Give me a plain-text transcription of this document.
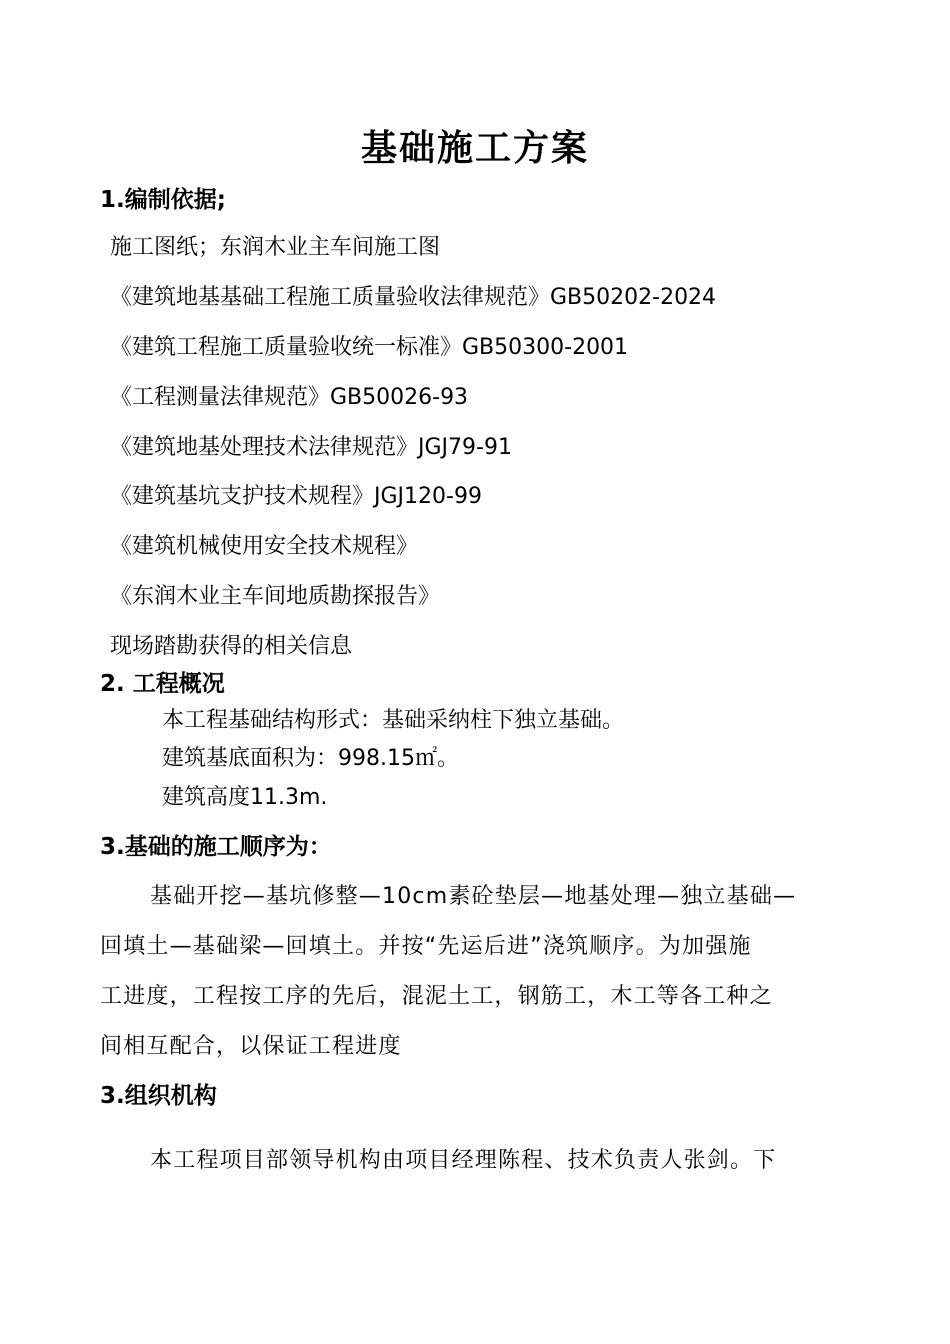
基础施工方案
1.编制依据;
施工图纸；东润木业主车间施工图
《建筑地基基础工程施工质量验收法律规范》GB50202-2024
《建筑工程施工质量验收统一标准》GB50300-2001
《工程测量法律规范》GB50026-93
《建筑地基处理技术法律规范》JGJ79-91
《建筑基坑支护技术规程》JGJ120-99
《建筑机械使用安全技术规程》
《东润木业主车间地质勘探报告》
现场踏勘获得的相关信息
2. 工程概况
本工程基础结构形式：基础采纳柱下独立基础。
建筑基底面积为：998.15㎡。
建筑高度11.3m.
3.基础的施工顺序为：
基础开挖—基坑修整—10cm素砼垫层—地基处理—独立基础—
回填土—基础梁—回填土。并按“先运后进”浇筑顺序。为加强施
工进度，工程按工序的先后，混泥土工，钢筋工，木工等各工种之
间相互配合，以保证工程进度
3.组织机构
本工程项目部领导机构由项目经理陈程、技术负责人张剑。下
